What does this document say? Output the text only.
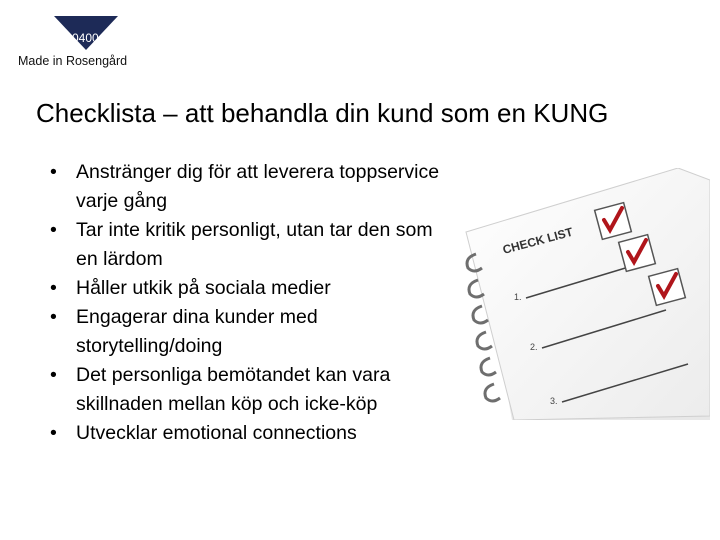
0400
Made in Rosengård
Checklista – att behandla din kund som en KUNG
• Anstränger dig för att leverera toppservice varje gång
• Tar inte kritik personligt, utan tar den som en lärdom
• Håller utkik på sociala medier
• Engagerar dina kunder med storytelling/doing
• Det personliga bemötandet kan vara skillnaden mellan köp och icke-köp
• Utvecklar emotional connections
CHECK LIST
1.
2.
3.
